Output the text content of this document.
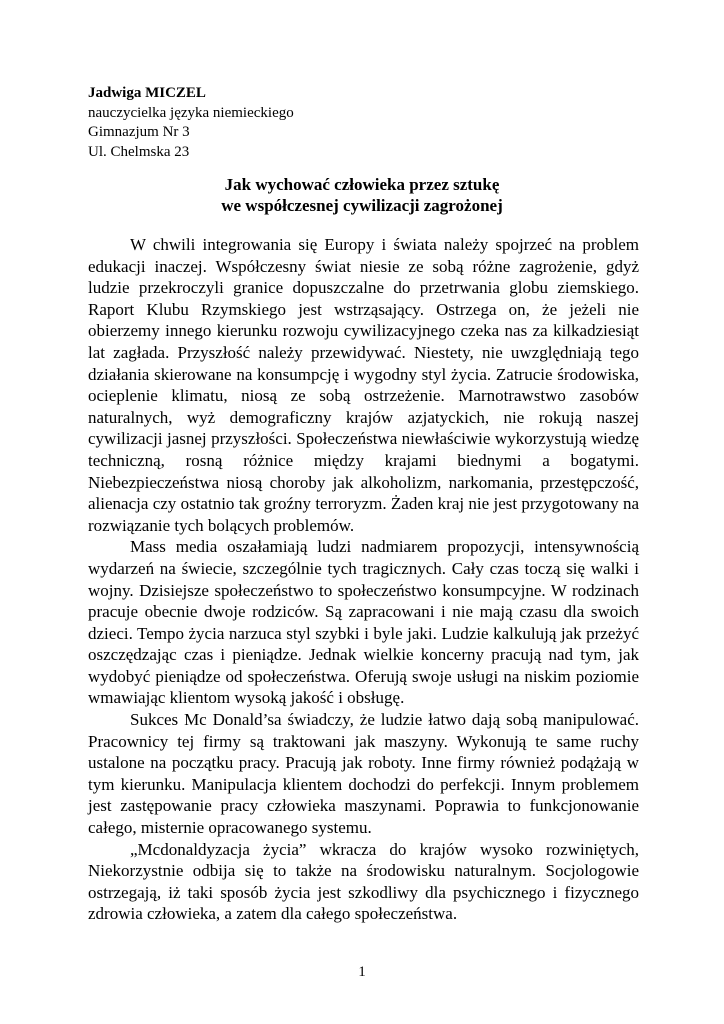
Jadwiga MICZEL
nauczycielka języka niemieckiego
Gimnazjum Nr 3
Ul. Chelmska 23
Jak wychować człowieka przez sztukę
we współczesnej cywilizacji zagrożonej

W chwili integrowania się Europy i świata należy spojrzeć na problem edukacji inaczej. Współczesny świat niesie ze sobą różne zagrożenie, gdyż ludzie przekroczyli granice dopuszczalne do przetrwania globu ziemskiego. Raport Klubu Rzymskiego jest wstrząsający. Ostrzega on, że jeżeli nie obierzemy innego kierunku rozwoju cywilizacyjnego czeka nas za kilkadziesiąt lat zagłada. Przyszłość należy przewidywać. Niestety, nie uwzględniają tego działania skierowane na konsumpcję i wygodny styl życia. Zatrucie środowiska, ocieplenie klimatu, niosą ze sobą ostrzeżenie. Marnotrawstwo zasobów naturalnych, wyż demograficzny krajów azjatyckich, nie rokują naszej cywilizacji jasnej przyszłości. Społeczeństwa niewłaściwie wykorzystują wiedzę techniczną, rosną różnice między krajami biednymi a bogatymi. Niebezpieczeństwa niosą choroby jak alkoholizm, narkomania, przestępczość, alienacja czy ostatnio tak groźny terroryzm. Żaden kraj nie jest przygotowany na rozwiązanie tych bolących problemów.

Mass media oszałamiają ludzi nadmiarem propozycji, intensywnością wydarzeń na świecie, szczególnie tych tragicznych. Cały czas toczą się walki i wojny. Dzisiejsze społeczeństwo to społeczeństwo konsumpcyjne. W rodzinach pracuje obecnie dwoje rodziców. Są zapracowani i nie mają czasu dla swoich dzieci. Tempo życia narzuca styl szybki i byle jaki. Ludzie kalkulują jak przeżyć oszczędzając czas i pieniądze. Jednak wielkie koncerny pracują nad tym, jak wydobyć pieniądze od społeczeństwa. Oferują swoje usługi na niskim poziomie wmawiając klientom wysoką jakość i obsługę.

Sukces Mc Donald’sa świadczy, że ludzie łatwo dają sobą manipulować. Pracownicy tej firmy są traktowani jak maszyny. Wykonują te same ruchy ustalone na początku pracy. Pracują jak roboty. Inne firmy również podążają w tym kierunku. Manipulacja klientem dochodzi do perfekcji. Innym problemem jest zastępowanie pracy człowieka maszynami. Poprawia to funkcjonowanie całego, misternie opracowanego systemu.

„Mcdonaldyzacja życia” wkracza do krajów wysoko rozwiniętych, Niekorzystnie odbija się to także na środowisku naturalnym. Socjologowie ostrzegają, iż taki sposób życia jest szkodliwy dla psychicznego i fizycznego zdrowia człowieka, a zatem dla całego społeczeństwa.

1
